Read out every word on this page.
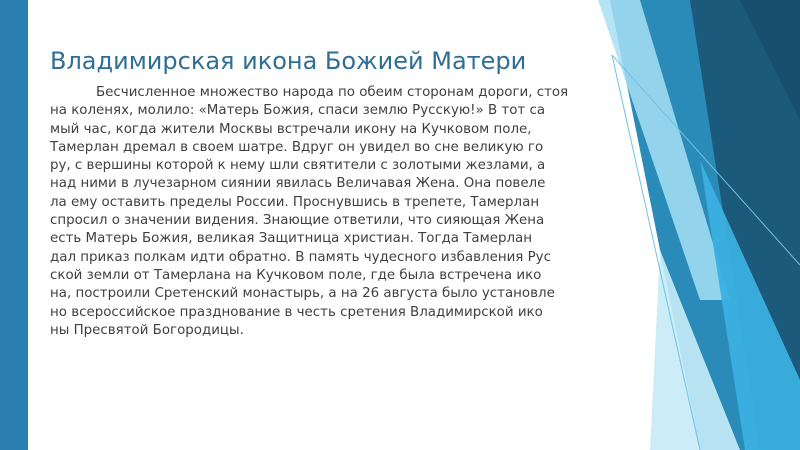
Владимирская икона Божией Матери
Бесчисленное множество народа по обеим сторонам дороги, стоя
на коленях, молило: «Матерь Божия, спаси землю Русскую!» В тот са
мый час, когда жители Москвы встречали икону на Кучковом поле,
Тамерлан дремал в своем шатре. Вдруг он увидел во сне великую го
ру, с вершины которой к нему шли святители с золотыми жезлами, а
над ними в лучезарном сиянии явилась Величавая Жена. Она повеле
ла ему оставить пределы России. Проснувшись в трепете, Тамерлан
спросил о значении видения. Знающие ответили, что сияющая Жена
есть Матерь Божия, великая Защитница христиан. Тогда Тамерлан
дал приказ полкам идти обратно. В память чудесного избавления Рус
ской земли от Тамерлана на Кучковом поле, где была встречена ико
на, построили Сретенский монастырь, а на 26 августа было установле
но всероссийское празднование в честь сретения Владимирской ико
ны Пресвятой Богородицы.
